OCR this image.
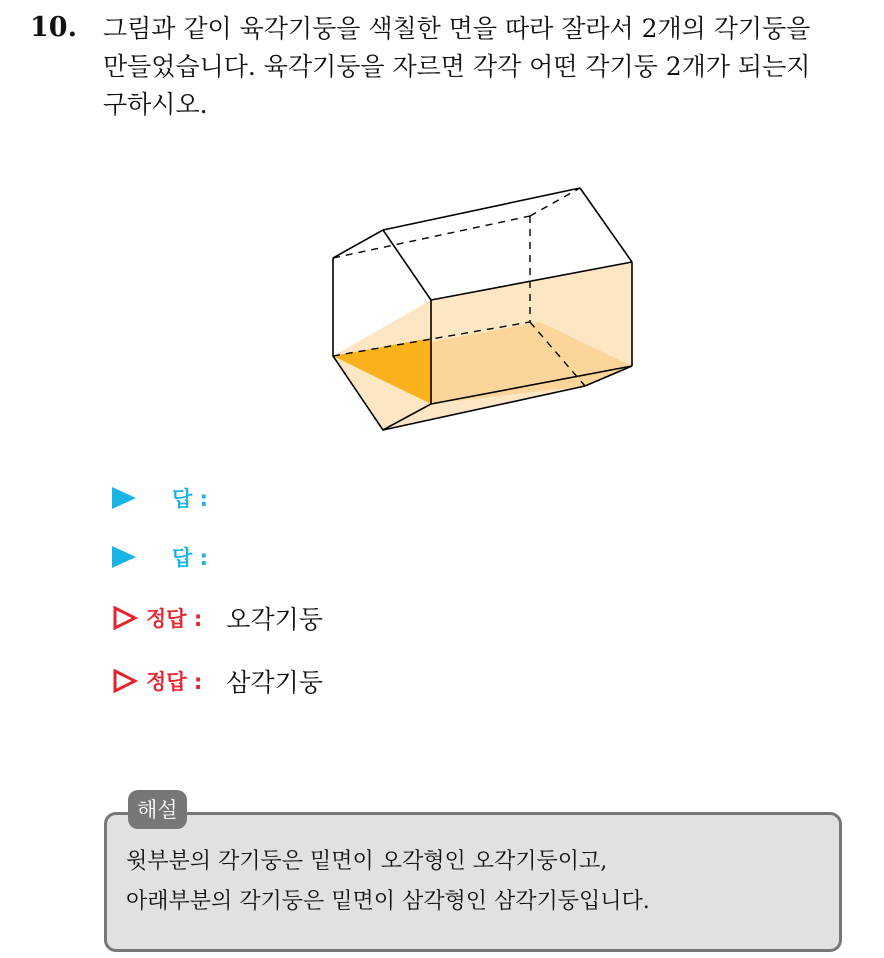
10. 그림과 같이 육각기둥을 색칠한 면을 따라 잘라서 2개의 각기둥을
만들었습니다. 육각기둥을 자르면 각각 어떤 각기둥 2개가 되는지
구하시오.
답 :
답 :
정답 : 오각기둥
정답 : 삼각기둥
해설
윗부분의 각기둥은 밑면이 오각형인 오각기둥이고,
아래부분의 각기둥은 밑면이 삼각형인 삼각기둥입니다.
